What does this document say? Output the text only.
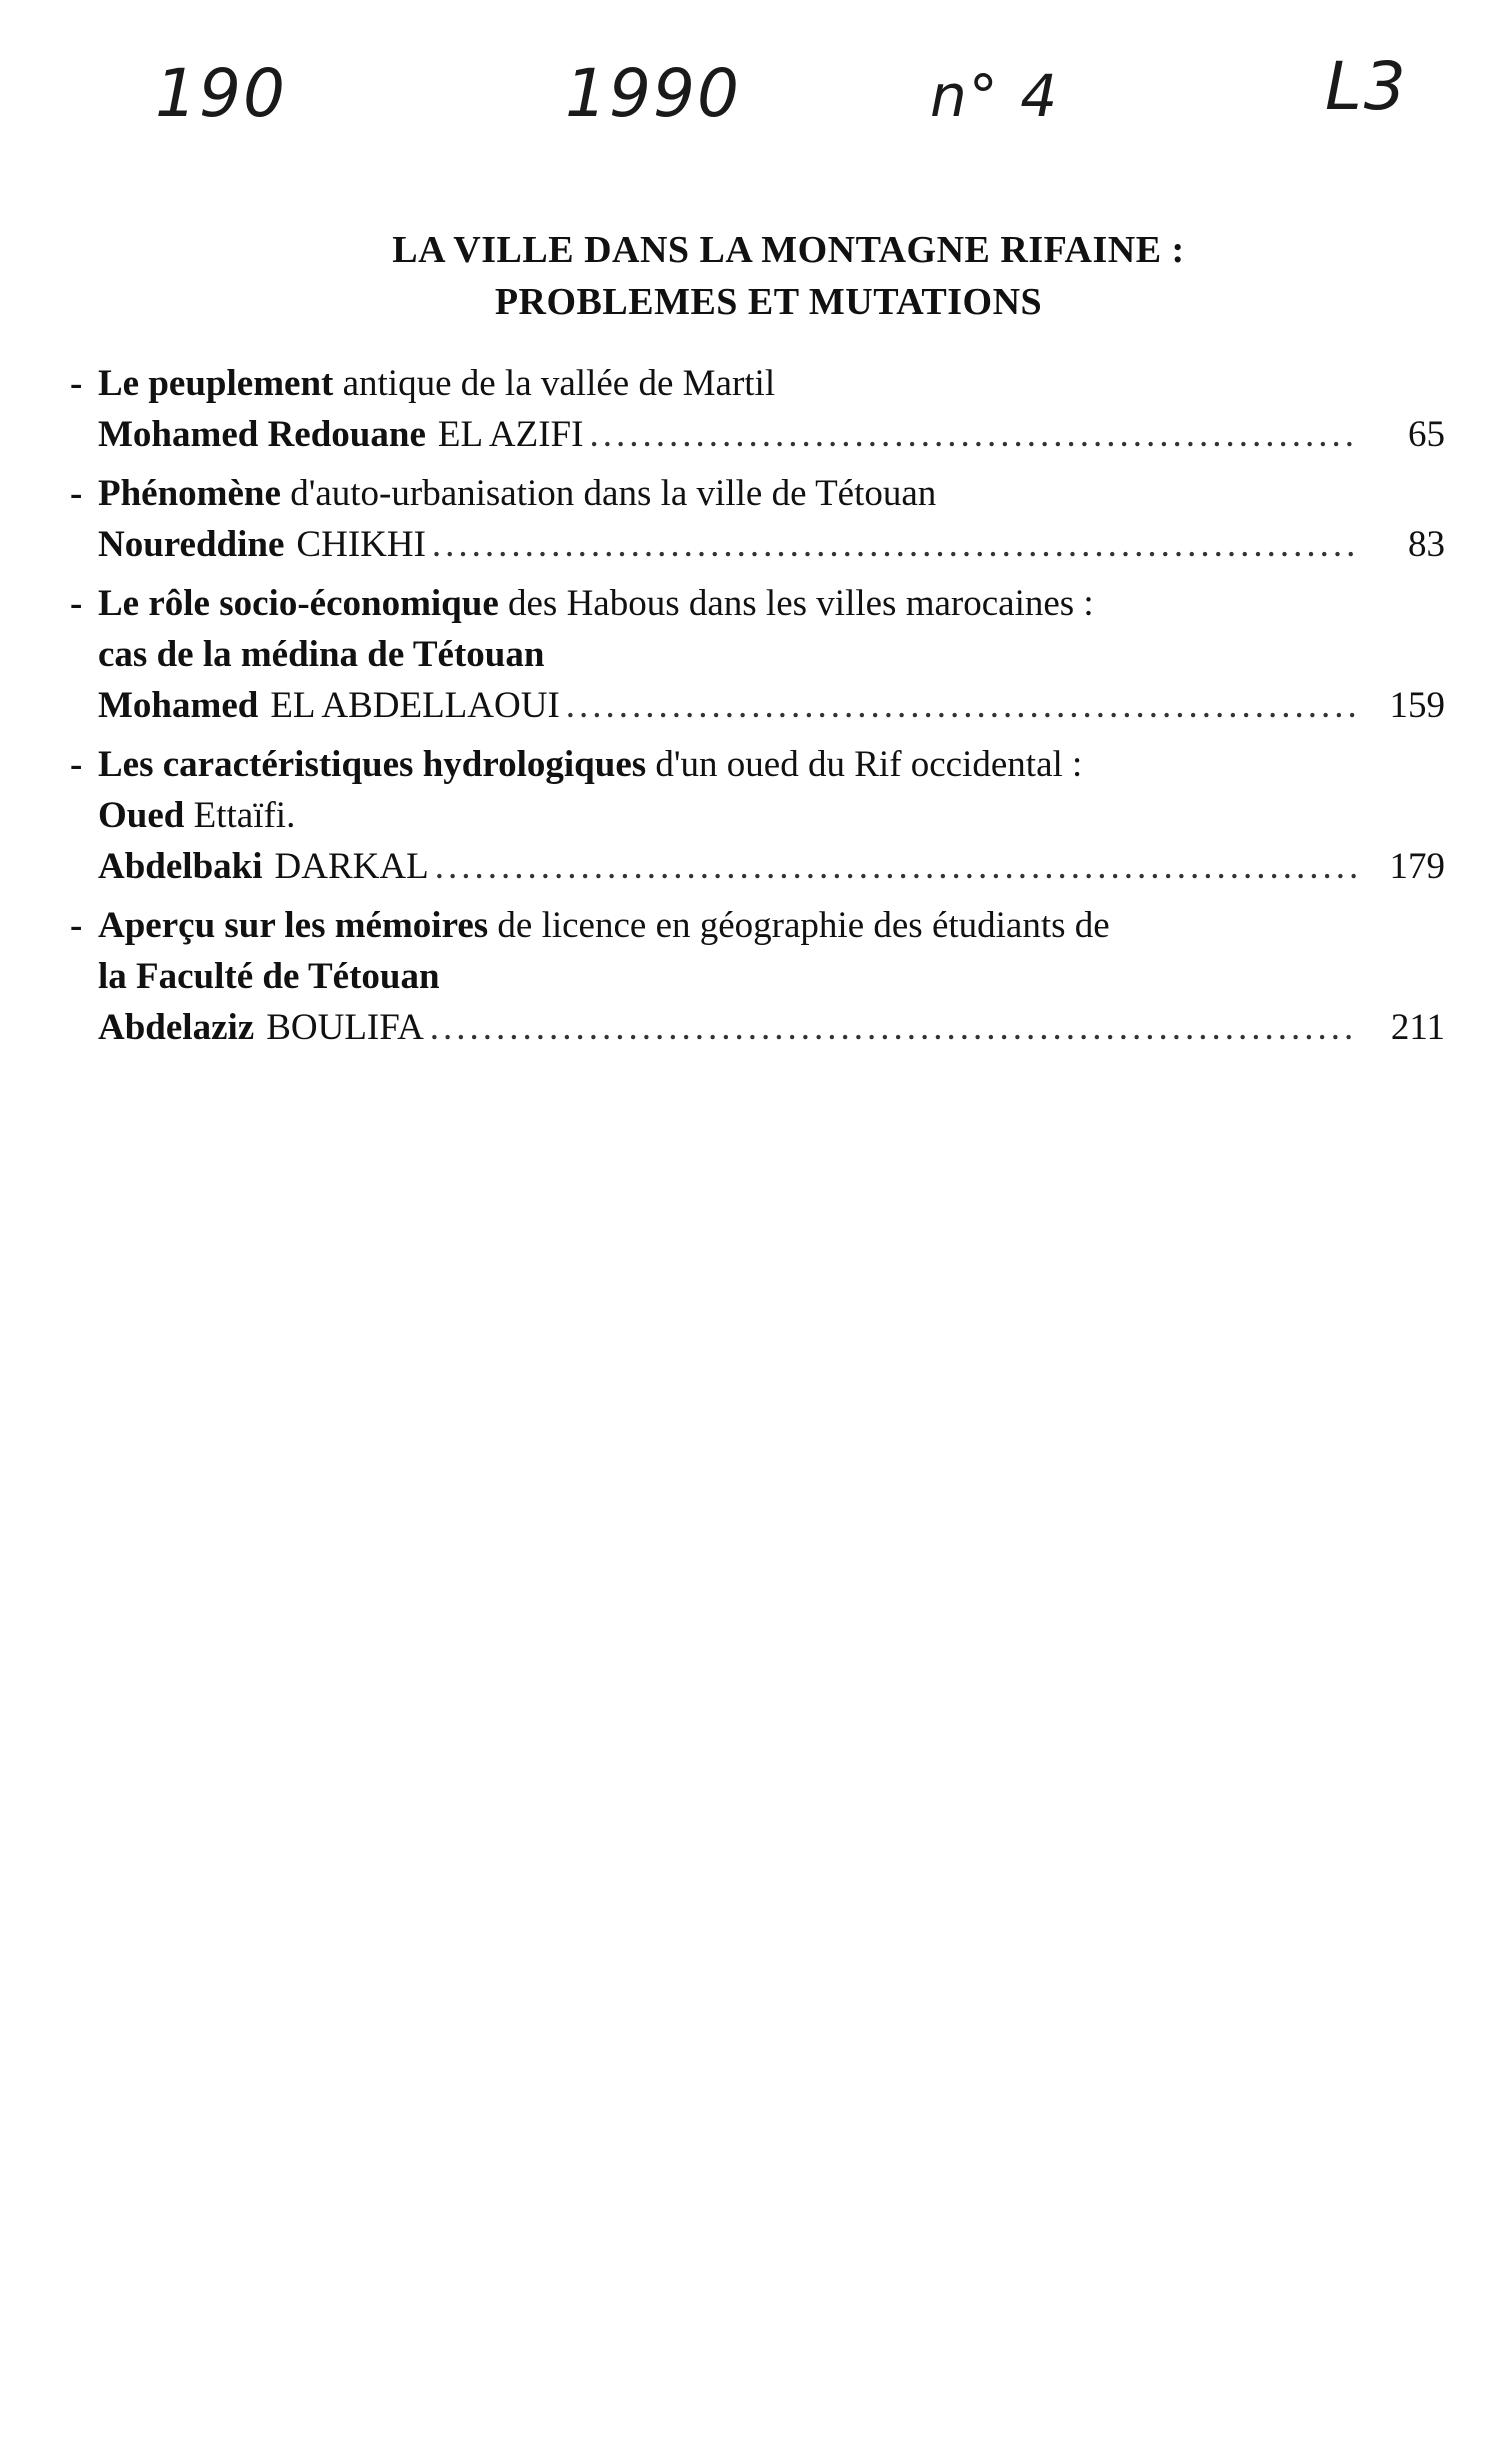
190	1990	n° 4	L3
LA VILLE DANS LA MONTAGNE RIFAINE :
PROBLEMES ET MUTATIONS
- Le peuplement antique de la vallée de Martil
Mohamed Redouane EL AZIFI .....	65
- Phénomène d'auto-urbanisation dans la ville de Tétouan
Noureddine CHIKHI .....	83
- Le rôle socio-économique des Habous dans les villes marocaines :
cas de la médina de Tétouan
Mohamed EL ABDELLAOUI .....	159
- Les caractéristiques hydrologiques d'un oued du Rif occidental :
Oued Ettaïfi.
Abdelbaki DARKAL .....	179
- Aperçu sur les mémoires de licence en géographie des étudiants de
la Faculté de Tétouan
Abdelaziz BOULIFA .....	211
